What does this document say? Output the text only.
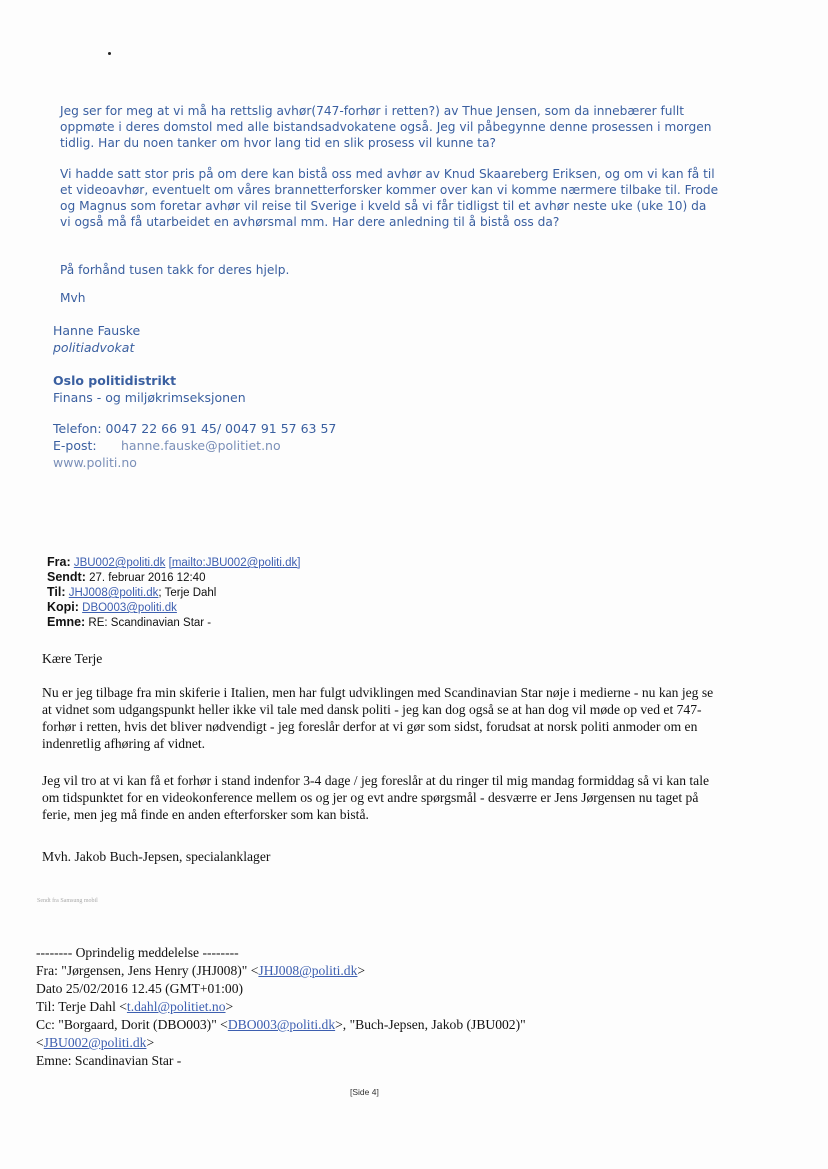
Jeg ser for meg at vi må ha rettslig avhør(747-forhør i retten?) av Thue Jensen, som da innebærer fullt oppmøte i deres domstol med alle bistandsadvokatene også. Jeg vil påbegynne denne prosessen i morgen tidlig. Har du noen tanker om hvor lang tid en slik prosess vil kunne ta?

Vi hadde satt stor pris på om dere kan bistå oss med avhør av Knud Skaareberg Eriksen, og om vi kan få til et videoavhør, eventuelt om våres brannetterforsker kommer over kan vi komme nærmere tilbake til. Frode og Magnus som foretar avhør vil reise til Sverige i kveld så vi får tidligst til et avhør neste uke (uke 10) da vi også må få utarbeidet en avhørsmal mm. Har dere anledning til å bistå oss da?

På forhånd tusen takk for deres hjelp.

Mvh

Hanne Fauske
politiadvokat
Oslo politidistrikt
Finans - og miljøkrimseksjonen
Telefon: 0047 22 66 91 45/ 0047 91 57 63 57
E-post:	hanne.fauske@politiet.no
www.politi.no
Fra: JBU002@politi.dk [mailto:JBU002@politi.dk]
Sendt: 27. februar 2016 12:40
Til: JHJ008@politi.dk; Terje Dahl
Kopi: DBO003@politi.dk
Emne: RE: Scandinavian Star -

Kære Terje

Nu er jeg tilbage fra min skiferie i Italien, men har fulgt udviklingen med Scandinavian Star nøje i medierne - nu kan jeg se at vidnet som udgangspunkt heller ikke vil tale med dansk politi - jeg kan dog også se at han dog vil møde op ved et 747-forhør i retten, hvis det bliver nødvendigt - jeg foreslår derfor at vi gør som sidst, forudsat at norsk politi anmoder om en indenretlig afhøring af vidnet.

Jeg vil tro at vi kan få et forhør i stand indenfor 3-4 dage / jeg foreslår at du ringer til mig mandag formiddag så vi kan tale om tidspunktet for en videokonference mellem os og jer og evt andre spørgsmål - desværre er Jens Jørgensen nu taget på ferie, men jeg må finde en anden efterforsker som kan bistå.

Mvh. Jakob Buch-Jepsen, specialanklager

Sendt fra Samsung mobil

-------- Oprindelig meddelelse --------
Fra: "Jørgensen, Jens Henry (JHJ008)" <JHJ008@politi.dk>
Dato 25/02/2016 12.45 (GMT+01:00)
Til: Terje Dahl <t.dahl@politiet.no>
Cc: "Borgaard, Dorit (DBO003)" <DBO003@politi.dk>, "Buch-Jepsen, Jakob (JBU002)"
<JBU002@politi.dk>
Emne: Scandinavian Star -
[Side 4]
